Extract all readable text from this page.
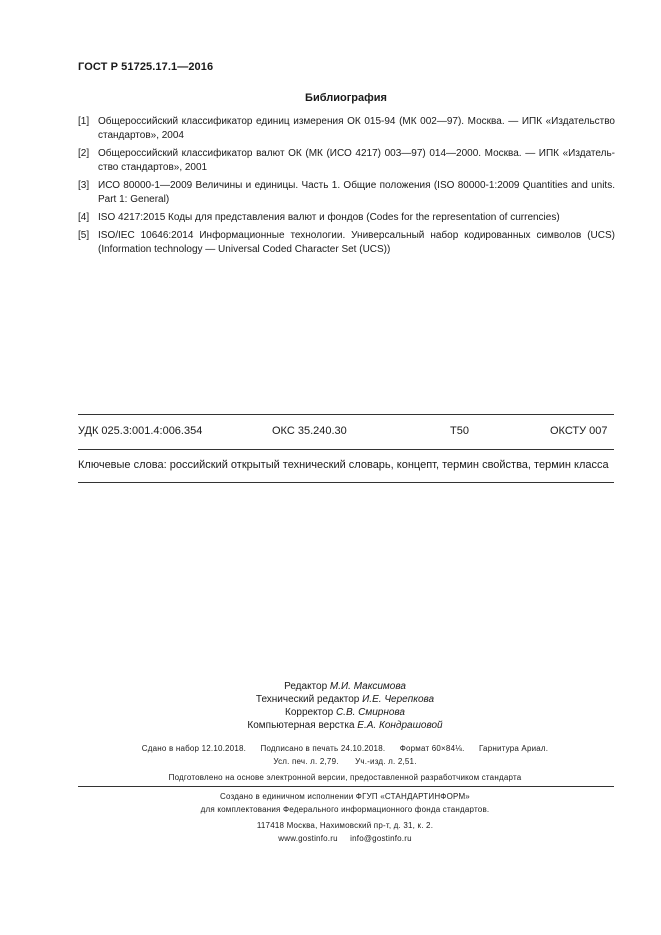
ГОСТ Р 51725.17.1—2016
Библиография
[1] Общероссийский классификатор единиц измерения ОК 015-94 (МК 002—97). Москва. — ИПК «Издательство стандартов», 2004
[2] Общероссийский классификатор валют ОК (МК (ИСО 4217) 003—97) 014—2000. Москва. — ИПК «Издатель-ство стандартов», 2001
[3] ИСО 80000-1—2009 Величины и единицы. Часть 1. Общие положения (ISO 80000-1:2009 Quantities and units. Part 1: General)
[4] ISO 4217:2015 Коды для представления валют и фондов (Codes for the representation of currencies)
[5] ISO/IEC 10646:2014 Информационные технологии. Универсальный набор кодированных символов (UCS) (Information technology — Universal Coded Character Set (UCS))
УДК 025.3:001.4:006.354	ОКС 35.240.30	Т50	ОКСТУ 007
Ключевые слова: российский открытый технический словарь, концепт, термин свойства, термин класса
Редактор М.И. Максимова
Технический редактор И.Е. Черепкова
Корректор С.В. Смирнова
Компьютерная верстка Е.А. Кондрашовой
Сдано в набор 12.10.2018. Подписано в печать 24.10.2018. Формат 60×84⅛. Гарнитура Ариал.
Усл. печ. л. 2,79. Уч.-изд. л. 2,51.
Подготовлено на основе электронной версии, предоставленной разработчиком стандарта
Создано в единичном исполнении ФГУП «СТАНДАРТИНФОРМ»
для комплектования Федерального информационного фонда стандартов.
117418 Москва, Нахимовский пр-т, д. 31, к. 2.
www.gostinfo.ru info@gostinfo.ru
